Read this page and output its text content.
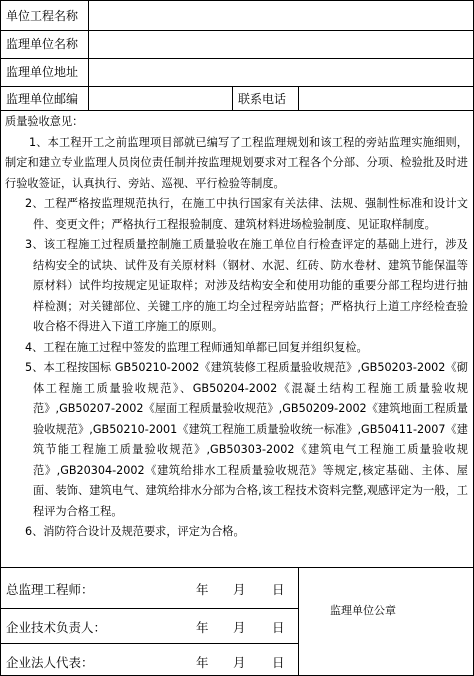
单位工程名称
监理单位名称
监理单位地址
监理单位邮编	联系电话

质量验收意见：

1、本工程开工之前监理项目部就已编写了工程监理规划和该工程的旁站监理实施细则，制定和建立专业监理人员岗位责任制并按监理规划要求对工程各个分部、分项、检验批及时进行验收签证，认真执行、旁站、巡视、平行检验等制度。

2、工程严格按监理规范执行，在施工中执行国家有关法律、法规、强制性标准和设计文件、变更文件；严格执行工程报验制度、建筑材料进场检验制度、见证取样制度。

3、该工程施工过程质量控制施工质量验收在施工单位自行检查评定的基础上进行，涉及结构安全的试块、试件及有关原材料（钢材、水泥、红砖、防水卷材、建筑节能保温等原材料）试件均按规定见证取样；对涉及结构安全和使用功能的重要分部工程均进行抽样检测；对关键部位、关键工序的施工均全过程旁站监督；严格执行上道工序经检查验收合格不得进入下道工序施工的原则。

4、工程在施工过程中签发的监理工程师通知单都已回复并组织复检。

5、本工程按国标 GB50210-2002《建筑装修工程质量验收规范》,GB50203-2002《砌体工程施工质量验收规范》、GB50204-2002《混凝土结构工程施工质量验收规范》,GB50207-2002《屋面工程质量验收规范》,GB50209-2002《建筑地面工程质量验收规范》,GB50210-2001《建筑工程施工质量验收统一标准》,GB50411-2007《建筑节能工程施工质量验收规范》,GB50303-2002《建筑电气工程施工质量验收规范》,GB20304-2002《建筑给排水工程质量验收规范》等规定,核定基础、主体、屋面、装饰、建筑电气、建筑给排水分部为合格,该工程技术资料完整,观感评定为一般，工程评为合格工程。

6、消防符合设计及规范要求，评定为合格。

总监理工程师：	年 月 日
企业技术负责人：	年 月 日
企业法人代表：	年 月 日
监理单位公章
